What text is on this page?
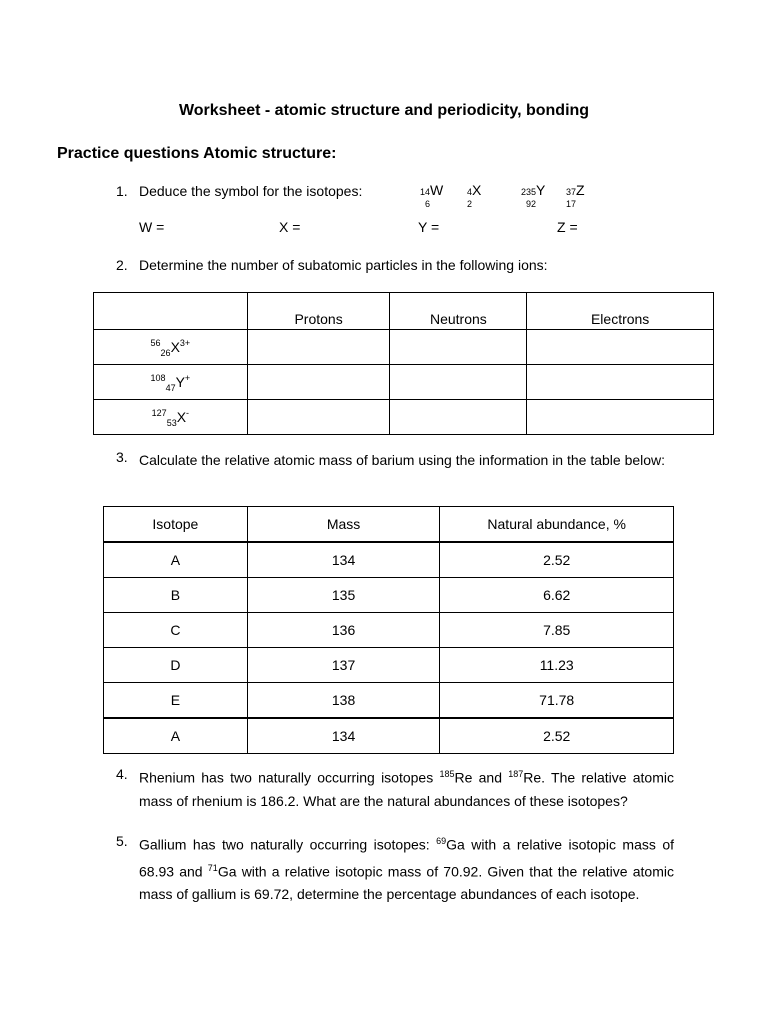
Worksheet - atomic structure and periodicity, bonding
Practice questions Atomic structure:
1. Deduce the symbol for the isotopes:	14
6
W	4
2
X	235
92
Y 37
17
Z
W =	X =	Y =	Z =
2. Determine the number of subatomic particles in the following ions:
	Protons	Neutrons	Electrons
$^{56}_{26}X^{3+}$			
$^{108}_{47}$Y+			
$^{127}_{53}$X-			
3. Calculate the relative atomic mass of barium using the information in the table below:
Isotope	Mass	Natural abundance, %
A	134	2.52
B	135	6.62
C	136	7.85
D	137	11.23
E	138	71.78
A	134	2.52
4. Rhenium has two naturally occurring isotopes $^{185}$Re and $^{187}$Re. The relative atomic mass of rhenium is 186.2. What are the natural abundances of these isotopes?
5. Gallium has two naturally occurring isotopes: $^{69}$Ga with a relative isotopic mass of 68.93 and $^{71}$Ga with a relative isotopic mass of 70.92. Given that the relative atomic mass of gallium is 69.72, determine the percentage abundances of each isotope.
